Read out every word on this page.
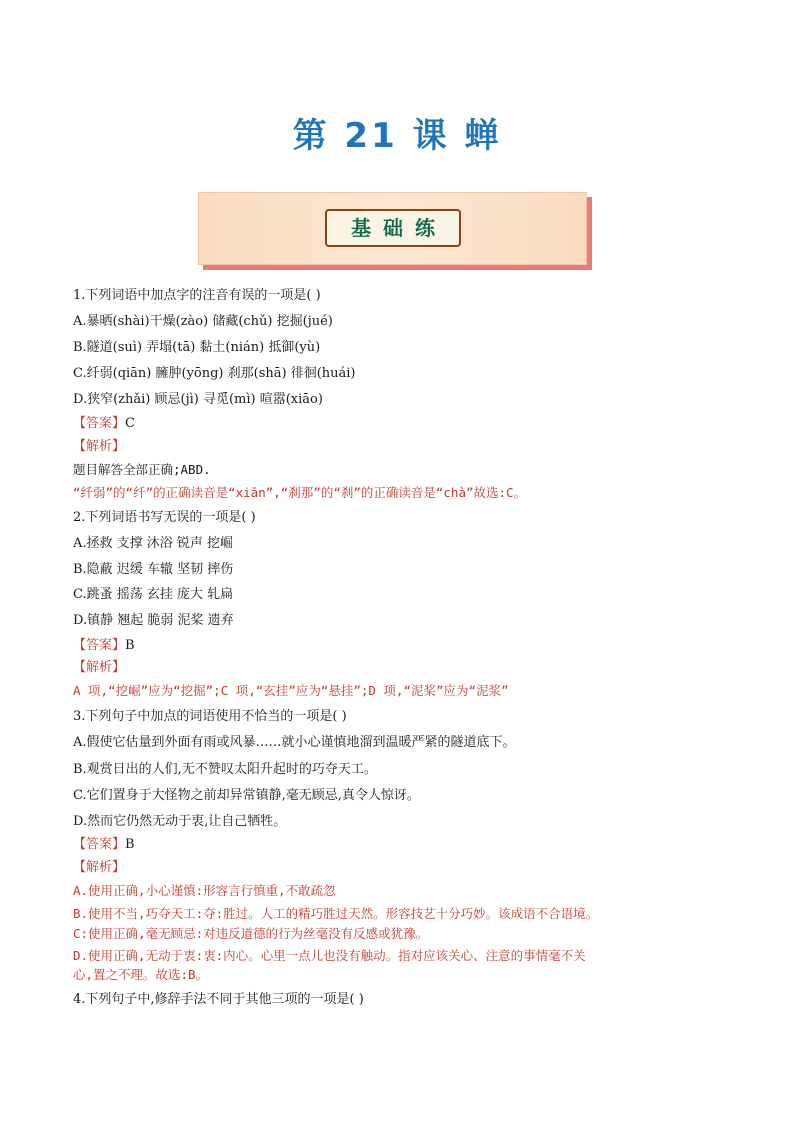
第 21 课 蝉
基础练
1.下列词语中加点字的注音有误的一项是( )
A.暴晒(shài)干燥(zào) 储藏(chǔ) 挖掘(jué)
B.隧道(suì) 弄塌(tā) 黏土(nián) 抵御(yù)
C.纤弱(qiān) 臃肿(yōng) 刹那(shā) 徘徊(huái)
D.狭窄(zhǎi) 顾忌(jì) 寻觅(mì) 喧嚣(xiāo)
【答案】C
【解析】
题目解答全部正确;ABD.
“纤弱”的“纤”的正确读音是“xiān”,“刹那”的“刹”的正确读音是“chà”故选:C。
2.下列词语书写无误的一项是( )
A.拯救 支撑 沐浴 锐声 挖崛
B.隐蔽 迟缓 车辙 坚韧 摔伤
C.跳蚤 摇荡 玄挂 庞大 轧扁
D.镇静 翘起 脆弱 泥桨 遗弃
【答案】B
【解析】
A 项,“挖崛”应为“挖掘”;C 项,“玄挂”应为“悬挂”;D 项,“泥桨”应为“泥浆”
3.下列句子中加点的词语使用不恰当的一项是( )
A.假使它估量到外面有雨或风暴……就小心谨慎地溜到温暖严紧的隧道底下。
B.观赏日出的人们,无不赞叹太阳升起时的巧夺天工。
C.它们置身于大怪物之前却异常镇静,毫无顾忌,真令人惊讶。
D.然而它仍然无动于衷,让自己牺牲。
【答案】B
【解析】
A.使用正确,小心谨慎:形容言行慎重,不敢疏忽
B.使用不当,巧夺天工:夺:胜过。人工的精巧胜过天然。形容技艺十分巧妙。该成语不合语境。
C:使用正确,毫无顾忌:对违反道德的行为丝毫没有反感或犹豫。
D.使用正确,无动于衷:衷:内心。心里一点儿也没有触动。指对应该关心、注意的事情毫不关
心,置之不理。故选:B。
4.下列句子中,修辞手法不同于其他三项的一项是( )
